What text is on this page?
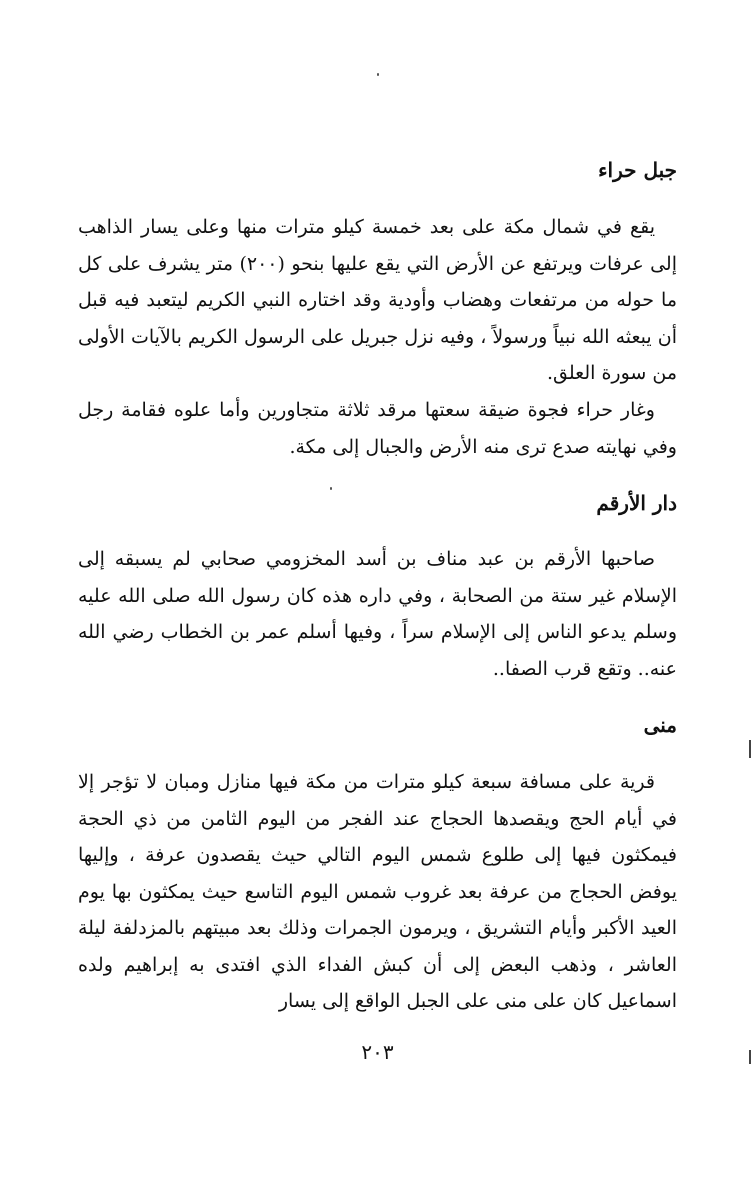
جبل حراء

يقع في شمال مكة على بعد خمسة كيلو مترات منها وعلى يسار الذاهب إلى عرفات ويرتفع عن الأرض التي يقع عليها بنحو (٢٠٠) متر يشرف على كل ما حوله من مرتفعات وهضاب وأودية وقد اختاره النبي الكريم ليتعبد فيه قبل أن يبعثه الله نبياً ورسولاً ، وفيه نزل جبريل على الرسول الكريم بالآيات الأولى من سورة العلق.

وغار حراء فجوة ضيقة سعتها مرقد ثلاثة متجاورين وأما علوه فقامة رجل وفي نهايته صدع ترى منه الأرض والجبال إلى مكة.

دار الأرقم

صاحبها الأرقم بن عبد مناف بن أسد المخزومي صحابي لم يسبقه إلى الإسلام غير ستة من الصحابة ، وفي داره هذه كان رسول الله صلى الله عليه وسلم يدعو الناس إلى الإسلام سراً ، وفيها أسلم عمر بن الخطاب رضي الله عنه.. وتقع قرب الصفا..

منى

قرية على مسافة سبعة كيلو مترات من مكة فيها منازل ومبان لا تؤجر إلا في أيام الحج ويقصدها الحجاج عند الفجر من اليوم الثامن من ذي الحجة فيمكثون فيها إلى طلوع شمس اليوم التالي حيث يقصدون عرفة ، وإليها يوفض الحجاج من عرفة بعد غروب شمس اليوم التاسع حيث يمكثون بها يوم العيد الأكبر وأيام التشريق ، ويرمون الجمرات وذلك بعد مبيتهم بالمزدلفة ليلة العاشر ، وذهب البعض إلى أن كبش الفداء الذي افتدى به إبراهيم ولده اسماعيل كان على منى على الجبل الواقع إلى يسار

٢٠٣
